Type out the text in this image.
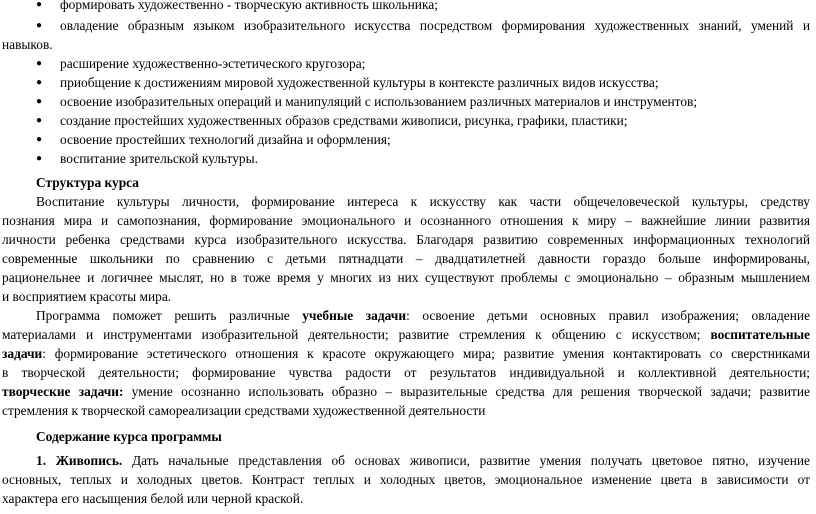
● формировать художественно - творческую активность школьника;
● овладение образным языком изобразительного искусства посредством формирования художественных знаний, умений и
навыков.
● расширение художественно-эстетического кругозора;
● приобщение к достижениям мировой художественной культуры в контексте различных видов искусства;
● освоение изобразительных операций и манипуляций с использованием различных материалов и инструментов;
● создание простейших художественных образов средствами живописи, рисунка, графики, пластики;
● освоение простейших технологий дизайна и оформления;
● воспитание зрительской культуры.
Структура курса
Воспитание культуры личности, формирование интереса к искусству как части общечеловеческой культуры, средству
познания мира и самопознания, формирование эмоционального и осознанного отношения к миру – важнейшие линии развития
личности ребенка средствами курса изобразительного искусства. Благодаря развитию современных информационных технологий
современные школьники по сравнению с детьми пятнадцати – двадцатилетней давности гораздо больше информированы,
рационельнее и логичнее мыслят, но в тоже время у многих из них существуют проблемы с эмоционально – образным мышлением
и восприятием красоты мира.
Программа поможет решить различные учебные задачи: освоение детьми основных правил изображения; овладение
материалами и инструментами изобразительной деятельности; развитие стремления к общению с искусством; воспитательные
задачи: формирование эстетического отношения к красоте окружающего мира; развитие умения контактировать со сверстниками
в творческой деятельности; формирование чувства радости от результатов индивидуальной и коллективной деятельности;
творческие задачи: умение осознанно использовать образно – выразительные средства для решения творческой задачи; развитие
стремления к творческой самореализации средствами художественной деятельности
Содержание курса программы
1. Живопись. Дать начальные представления об основах живописи, развитие умения получать цветовое пятно, изучение
основных, теплых и холодных цветов. Контраст теплых и холодных цветов, эмоциональное изменение цвета в зависимости от
характера его насыщения белой или черной краской.
